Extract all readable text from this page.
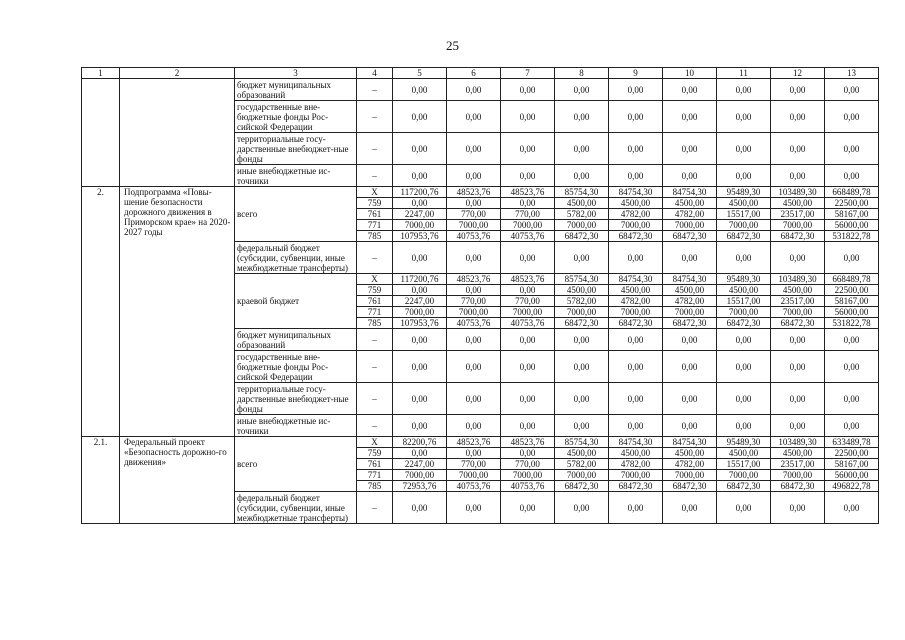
25
1	2	3	4	5	6	7	8	9	10	11	12	13
		бюджет муниципальных образований	–	0,00	0,00	0,00	0,00	0,00	0,00	0,00	0,00	0,00
		государственные вне-бюджетные фонды Рос-сийской Федерации	–	0,00	0,00	0,00	0,00	0,00	0,00	0,00	0,00	0,00
		территориальные госу-дарственные внебюджет-ные фонды	–	0,00	0,00	0,00	0,00	0,00	0,00	0,00	0,00	0,00
		иные внебюджетные ис-точники	–	0,00	0,00	0,00	0,00	0,00	0,00	0,00	0,00	0,00
2.	Подпрограмма «Повы-шение безопасности дорожного движения в Приморском крае» на 2020-2027 годы	всего	X	117200,76	48523,76	48523,76	85754,30	84754,30	84754,30	95489,30	103489,30	668489,78
			759	0,00	0,00	0,00	4500,00	4500,00	4500,00	4500,00	4500,00	22500,00
			761	2247,00	770,00	770,00	5782,00	4782,00	4782,00	15517,00	23517,00	58167,00
			771	7000,00	7000,00	7000,00	7000,00	7000,00	7000,00	7000,00	7000,00	56000,00
			785	107953,76	40753,76	40753,76	68472,30	68472,30	68472,30	68472,30	68472,30	531822,78
		федеральный бюджет (субсидии, субвенции, иные межбюджетные трансферты)	–	0,00	0,00	0,00	0,00	0,00	0,00	0,00	0,00	0,00
		краевой бюджет	X	117200,76	48523,76	48523,76	85754,30	84754,30	84754,30	95489,30	103489,30	668489,78
			759	0,00	0,00	0,00	4500,00	4500,00	4500,00	4500,00	4500,00	22500,00
			761	2247,00	770,00	770,00	5782,00	4782,00	4782,00	15517,00	23517,00	58167,00
			771	7000,00	7000,00	7000,00	7000,00	7000,00	7000,00	7000,00	7000,00	56000,00
			785	107953,76	40753,76	40753,76	68472,30	68472,30	68472,30	68472,30	68472,30	531822,78
		бюджет муниципальных образований	–	0,00	0,00	0,00	0,00	0,00	0,00	0,00	0,00	0,00
		государственные вне-бюджетные фонды Рос-сийской Федерации	–	0,00	0,00	0,00	0,00	0,00	0,00	0,00	0,00	0,00
		территориальные госу-дарственные внебюджет-ные фонды	–	0,00	0,00	0,00	0,00	0,00	0,00	0,00	0,00	0,00
		иные внебюджетные ис-точники	–	0,00	0,00	0,00	0,00	0,00	0,00	0,00	0,00	0,00
2.1.	Федеральный проект «Безопасность дорожно-го движения»	всего	X	82200,76	48523,76	48523,76	85754,30	84754,30	84754,30	95489,30	103489,30	633489,78
			759	0,00	0,00	0,00	4500,00	4500,00	4500,00	4500,00	4500,00	22500,00
			761	2247,00	770,00	770,00	5782,00	4782,00	4782,00	15517,00	23517,00	58167,00
			771	7000,00	7000,00	7000,00	7000,00	7000,00	7000,00	7000,00	7000,00	56000,00
			785	72953,76	40753,76	40753,76	68472,30	68472,30	68472,30	68472,30	68472,30	496822,78
		федеральный бюджет (субсидии, субвенции, иные межбюджетные трансферты)	–	0,00	0,00	0,00	0,00	0,00	0,00	0,00	0,00	0,00
